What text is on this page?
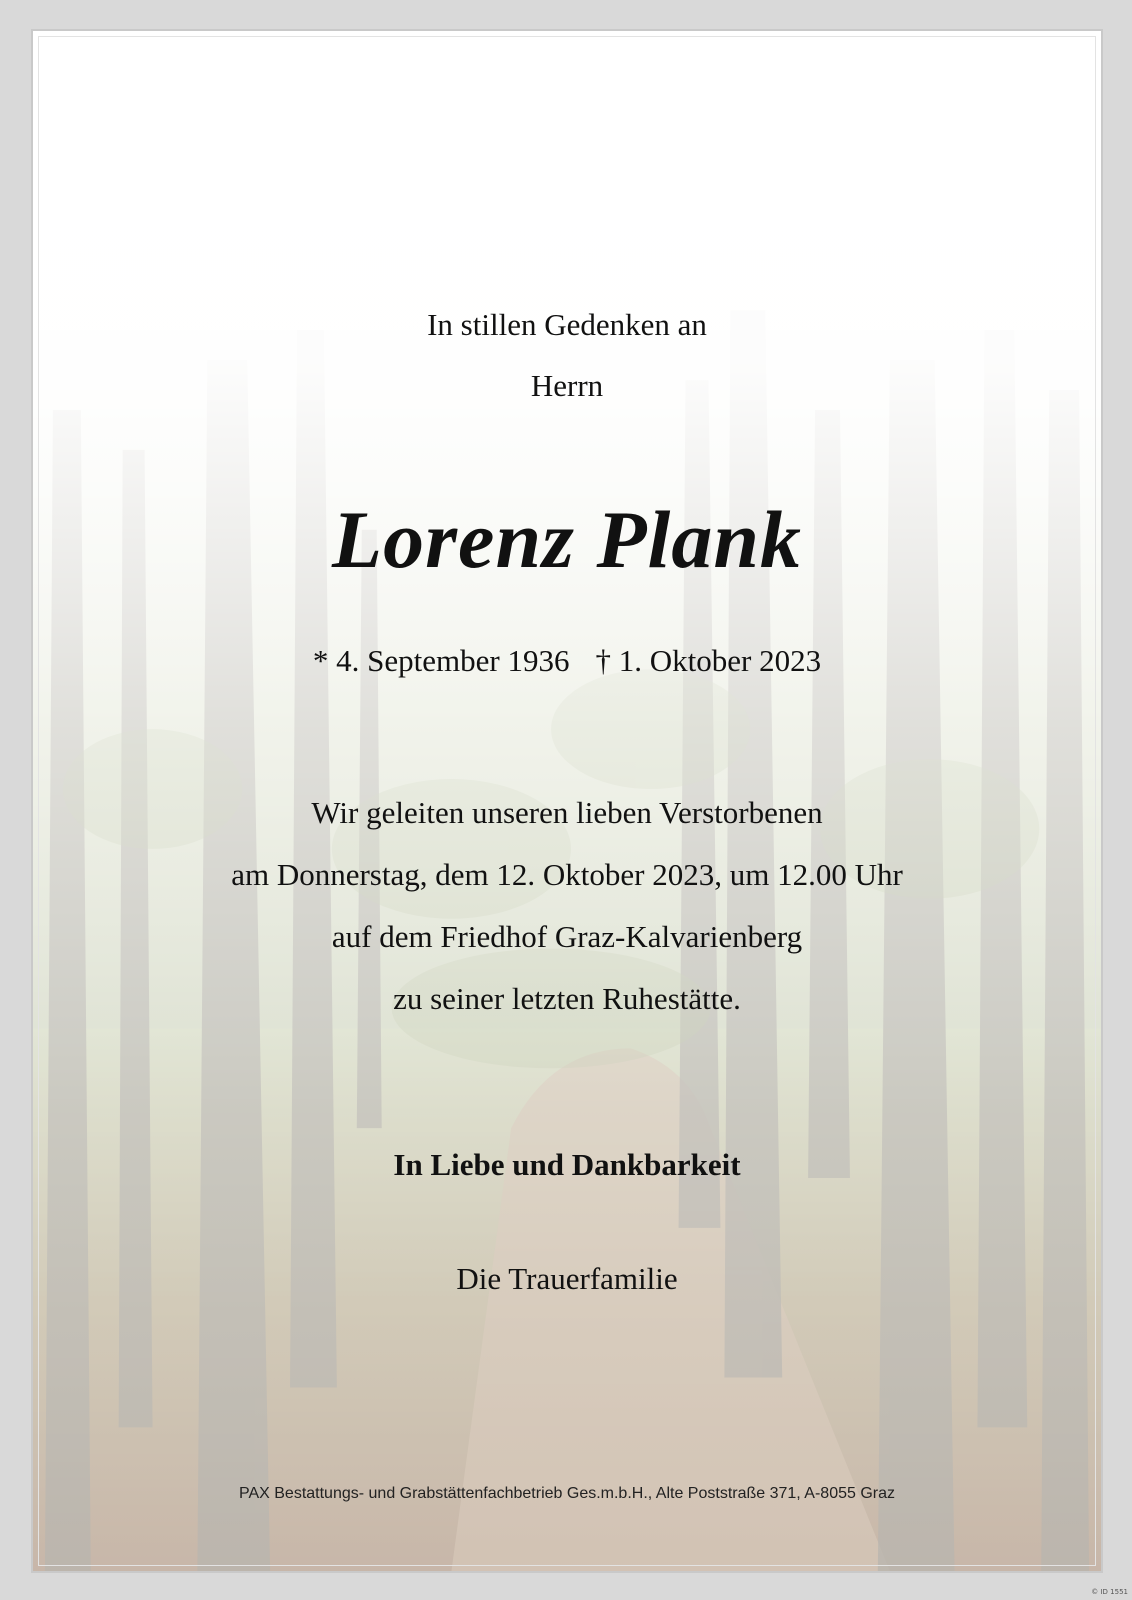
In stillen Gedenken an
Herrn
Lorenz Plank
* 4. September 1936 † 1. Oktober 2023
Wir geleiten unseren lieben Verstorbenen
am Donnerstag, dem 12. Oktober 2023, um 12.00 Uhr
auf dem Friedhof Graz-Kalvarienberg
zu seiner letzten Ruhestätte.
In Liebe und Dankbarkeit
Die Trauerfamilie
PAX Bestattungs- und Grabstättenfachbetrieb Ges.m.b.H., Alte Poststraße 371, A-8055 Graz
© ID 1551
